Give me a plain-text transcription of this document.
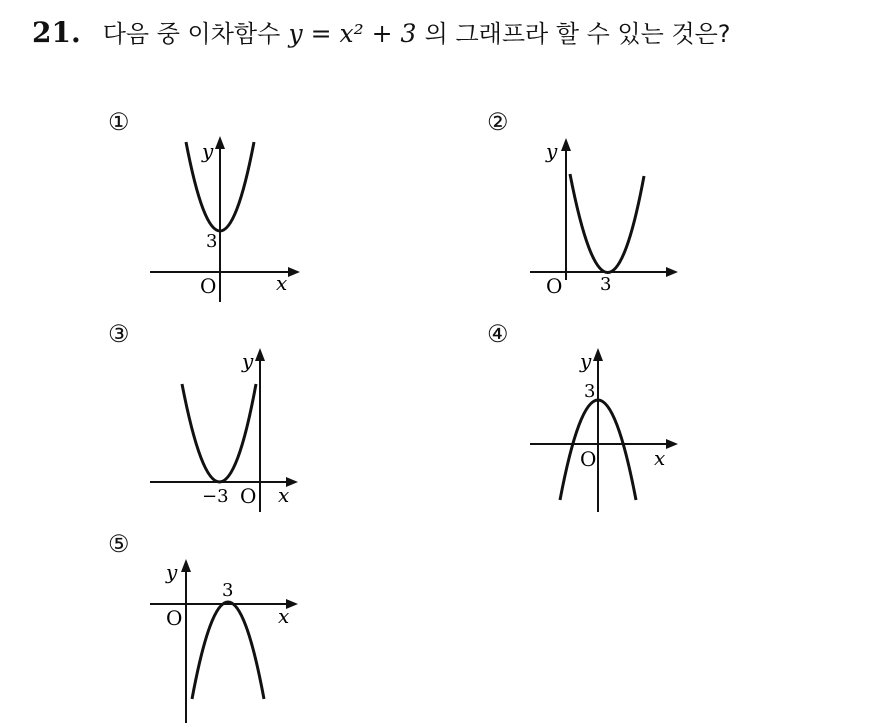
21. 다음 중 이차함수 y = x² + 3 의 그래프라 할 수 있는 것은?
①
y
x
O
3
②
y
O 3
③
y
x
O
−3
④
y
x
O
3
⑤
y
x
O
3
